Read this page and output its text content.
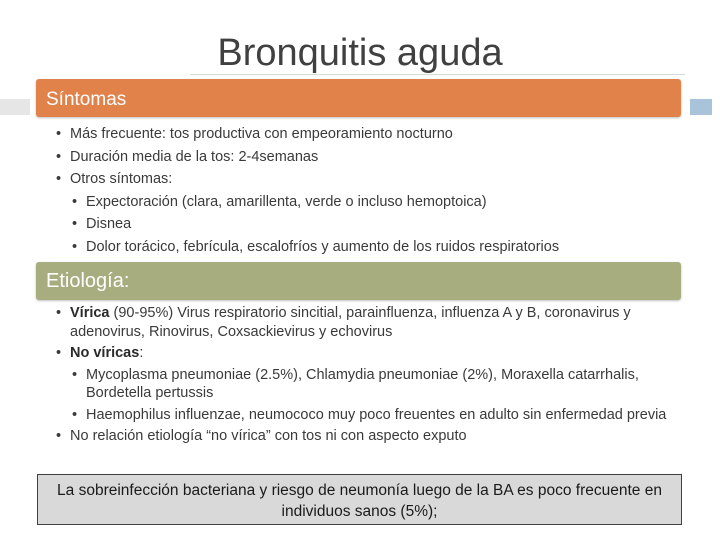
Bronquitis aguda
Síntomas
• Más frecuente: tos productiva con empeoramiento nocturno
• Duración media de la tos: 2-4semanas
• Otros síntomas:
• Expectoración (clara, amarillenta, verde o incluso hemoptoica)
• Disnea
• Dolor torácico, febrícula, escalofríos y aumento de los ruidos respiratorios
Etiología:
• Vírica (90-95%) Virus respiratorio sincitial, parainfluenza, influenza A y B, coronavirus y adenovirus, Rinovirus, Coxsackievirus y echovirus
• No víricas:
• Mycoplasma pneumoniae (2.5%), Chlamydia pneumoniae (2%), Moraxella catarrhalis, Bordetella pertussis
• Haemophilus influenzae, neumococo muy poco freuentes en adulto sin enfermedad previa
• No relación etiología “no vírica” con tos ni con aspecto exputo
La sobreinfección bacteriana y riesgo de neumonía luego de la BA es poco frecuente en individuos sanos (5%);
